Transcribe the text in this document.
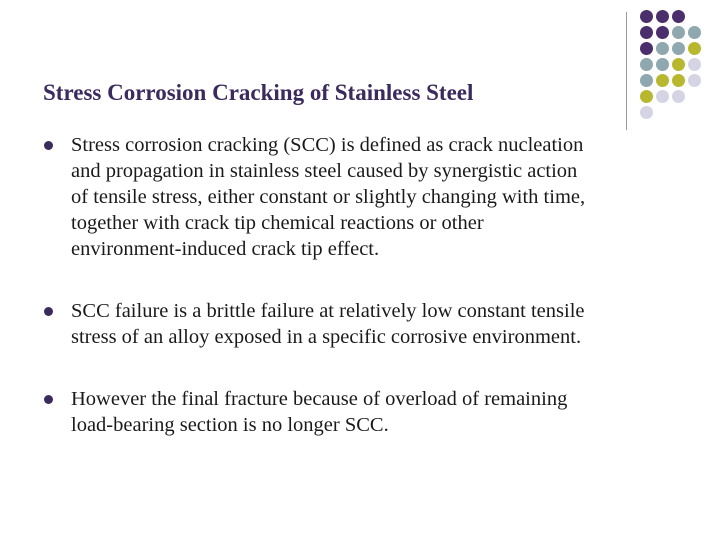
Stress Corrosion Cracking of Stainless Steel
Stress corrosion cracking (SCC) is defined as crack nucleation
and propagation in stainless steel caused by synergistic action
of tensile stress, either constant or slightly changing with time,
together with crack tip chemical reactions or other
environment-induced crack tip effect.
SCC failure is a brittle failure at relatively low constant tensile
stress of an alloy exposed in a specific corrosive environment.
However the final fracture because of overload of remaining
load-bearing section is no longer SCC.
